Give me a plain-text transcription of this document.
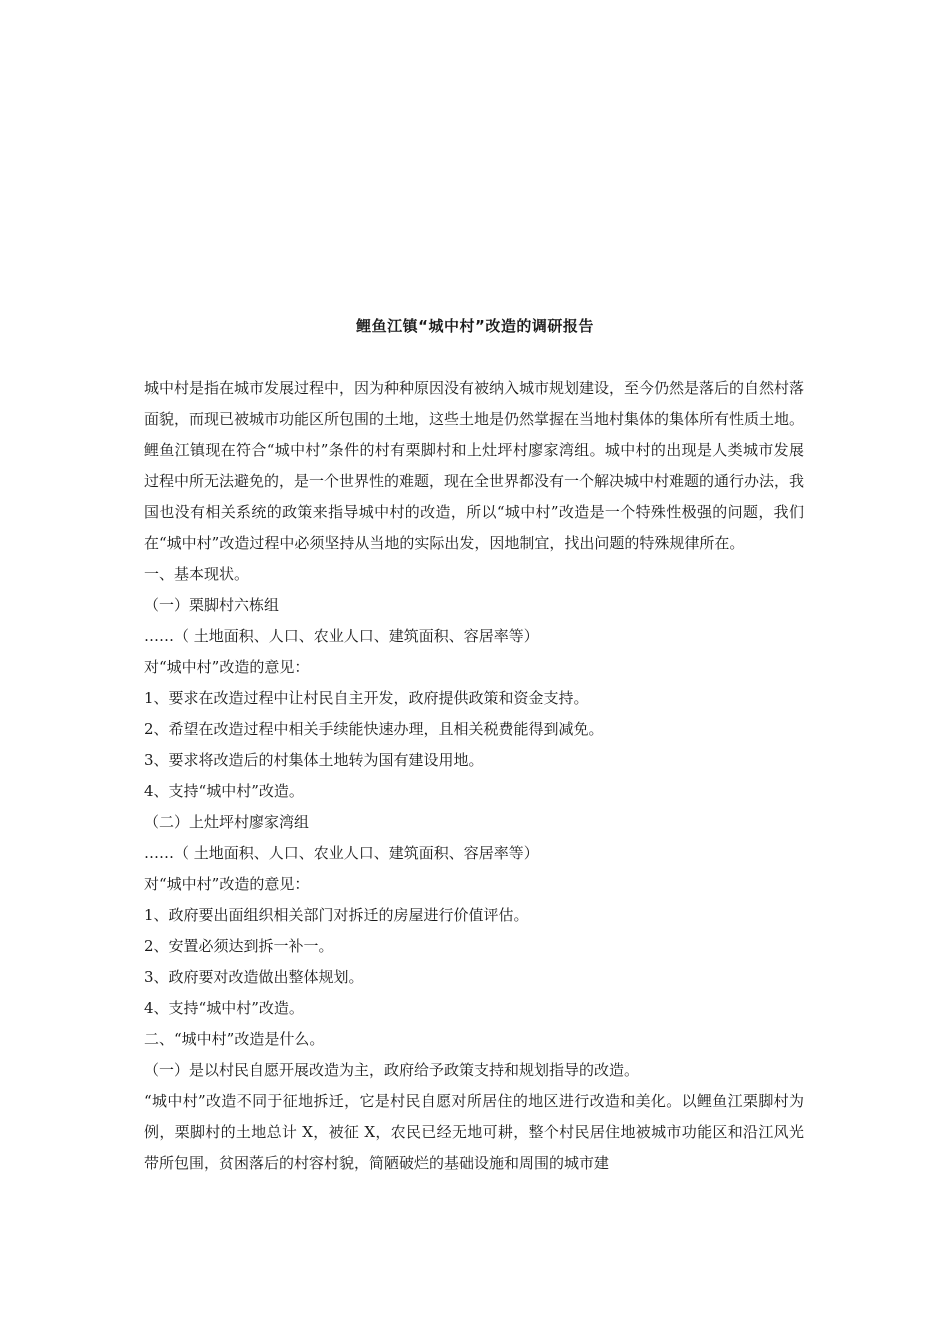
鲤鱼江镇“城中村”改造的调研报告

城中村是指在城市发展过程中，因为种种原因没有被纳入城市规划建设，至今仍然是落后的自然村落面貌，而现已被城市功能区所包围的土地，这些土地是仍然掌握在当地村集体的集体所有性质土地。鲤鱼江镇现在符合“城中村”条件的村有栗脚村和上灶坪村廖家湾组。城中村的出现是人类城市发展过程中所无法避免的，是一个世界性的难题，现在全世界都没有一个解决城中村难题的通行办法，我国也没有相关系统的政策来指导城中村的改造，所以“城中村”改造是一个特殊性极强的问题，我们在“城中村”改造过程中必须坚持从当地的实际出发，因地制宜，找出问题的特殊规律所在。

一、基本现状。

（一）栗脚村六栋组

……（ 土地面积、人口、农业人口、建筑面积、容居率等）

对“城中村”改造的意见：

1、要求在改造过程中让村民自主开发，政府提供政策和资金支持。

2、希望在改造过程中相关手续能快速办理，且相关税费能得到减免。

3、要求将改造后的村集体土地转为国有建设用地。

4、支持“城中村”改造。

（二）上灶坪村廖家湾组

……（ 土地面积、人口、农业人口、建筑面积、容居率等）

对“城中村”改造的意见：

1、政府要出面组织相关部门对拆迁的房屋进行价值评估。

2、安置必须达到拆一补一。

3、政府要对改造做出整体规划。

4、支持“城中村”改造。

二、“城中村”改造是什么。

（一）是以村民自愿开展改造为主，政府给予政策支持和规划指导的改造。

“城中村”改造不同于征地拆迁，它是村民自愿对所居住的地区进行改造和美化。以鲤鱼江栗脚村为例，栗脚村的土地总计 X，被征 X，农民已经无地可耕，整个村民居住地被城市功能区和沿江风光带所包围，贫困落后的村容村貌，简陋破烂的基础设施和周围的城市建
